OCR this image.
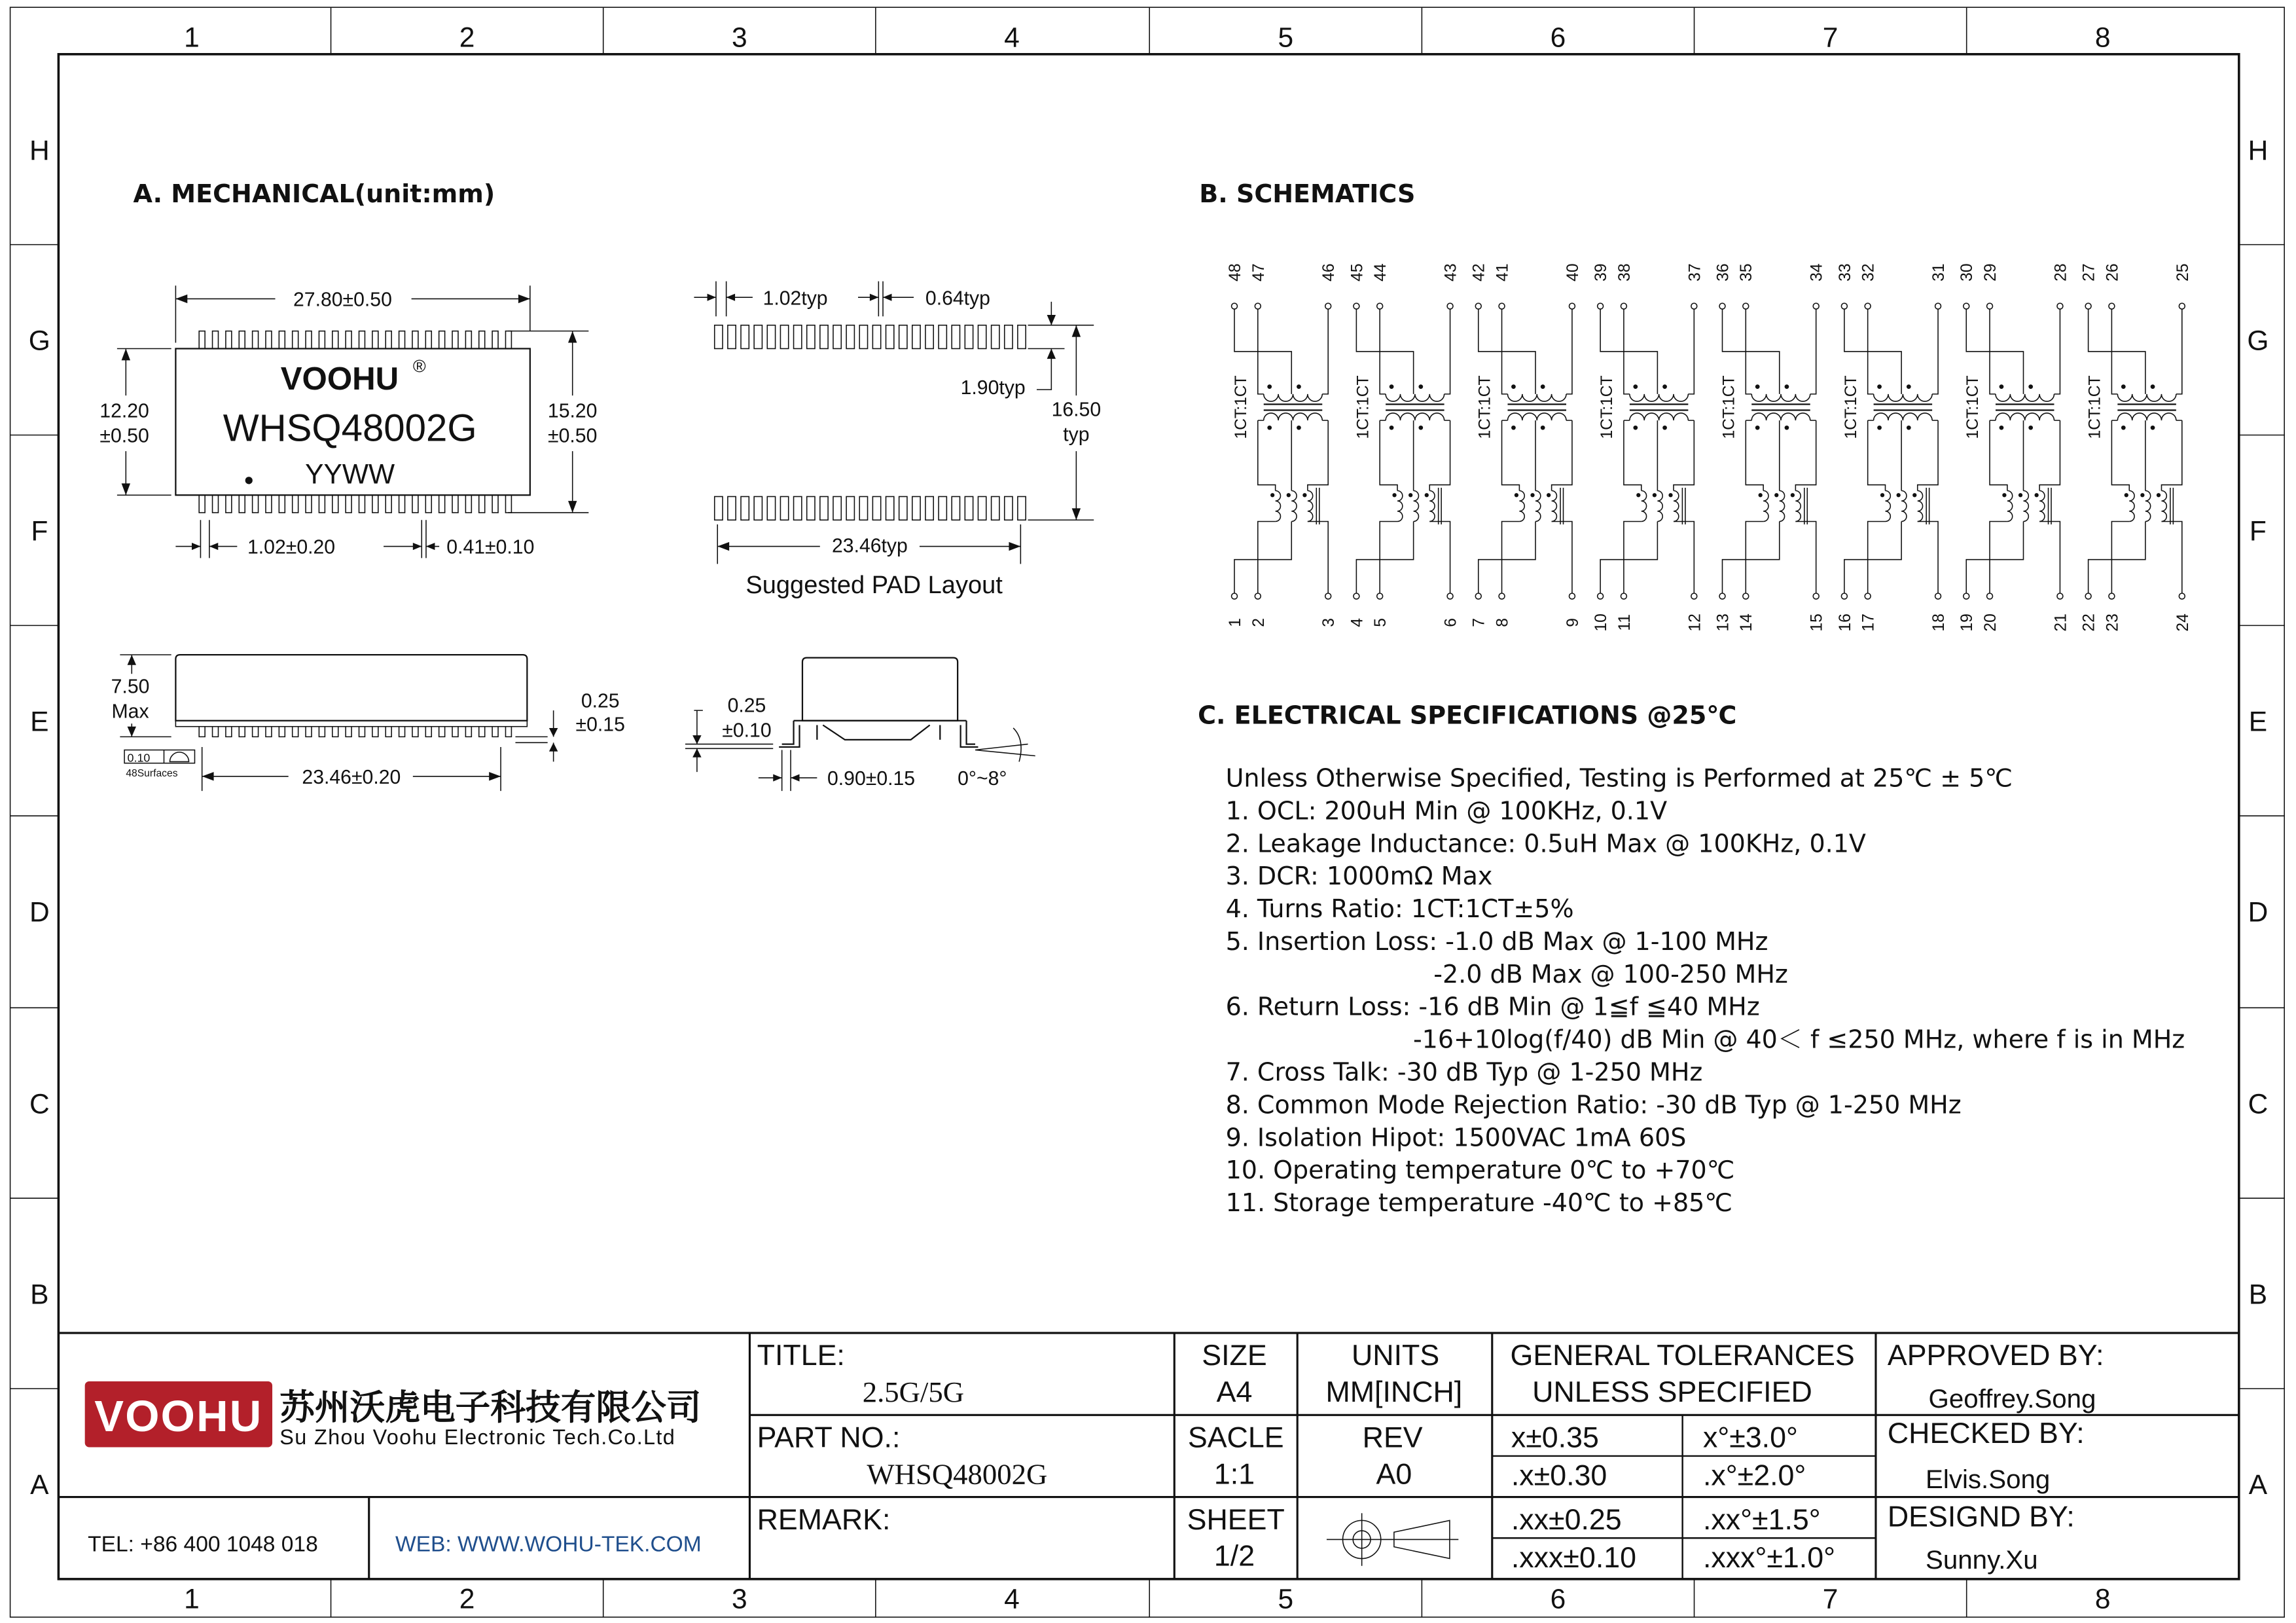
1
1
2
2
3
3
4
4
5
5
6
6
7
7
8
8
H	H
G	G
F	F
E	E
D	D
C	C
B	B
A	A
A. MECHANICAL(unit:mm)
VOOHU ®
WHSQ48002G
YYWW
27.80±0.50
12.20
±0.50
15.20
±0.50
1.02±0.20	0.41±0.10
1.02typ	0.64typ
1.90typ
16.50
typ
23.46typ
Suggested PAD Layout
7.50
Max	0.25
±0.15
0.10
48Surfaces	23.46±0.20
0.25
±0.10
0.90±0.15	0°~8°
B. SCHEMATICS
48
1
47
2
46
3
1CT:1CT
45
4
44
5
43
6
1CT:1CT
42
7
41
8
40
9
1CT:1CT
39
10
38
11
37
12
1CT:1CT
36
13
35
14
34
15
1CT:1CT
33
16
32
17
31
18
1CT:1CT
30
19
29
20
28
21
1CT:1CT
27
22
26
23
25
24
1CT:1CT
C. ELECTRICAL SPECIFICATIONS @25℃
Unless Otherwise Specified, Testing is Performed at 25℃ ± 5℃
1. OCL: 200uH Min @ 100KHz, 0.1V
2. Leakage Inductance: 0.5uH Max @ 100KHz, 0.1V
3. DCR: 1000mΩ Max
4. Turns Ratio: 1CT:1CT±5%
5. Insertion Loss: -1.0 dB Max @ 1-100 MHz
-2.0 dB Max @ 100-250 MHz
6. Return Loss: -16 dB Min @ 1≦f ≦40 MHz
-16+10log(f/40) dB Min @ 40＜ f ≤250 MHz, where f is in MHz
7. Cross Talk: -30 dB Typ @ 1-250 MHz
8. Common Mode Rejection Ratio: -30 dB Typ @ 1-250 MHz
9. Isolation Hipot: 1500VAC 1mA 60S
10. Operating temperature 0℃ to +70℃
11. Storage temperature -40℃ to +85℃
VOOHU 苏州沃虎电子科技有限公司
Su Zhou Voohu Electronic Tech.Co.Ltd
TEL: +86 400 1048 018	WEB: WWW.WOHU-TEK.COM
TITLE:
2.5G/5G
PART NO.:
WHSQ48002G
REMARK:
SIZE
A4
SACLE
1:1
SHEET
1/2
UNITS
MM[INCH]
REV
A0
GENERAL TOLERANCES
UNLESS SPECIFIED
x±0.35	x°±3.0°
.x±0.30	.x°±2.0°
.xx±0.25	.xx°±1.5°
.xxx±0.10	.xxx°±1.0°
APPROVED BY:
Geoffrey.Song
CHECKED BY:
Elvis.Song
DESIGND BY:
Sunny.Xu
